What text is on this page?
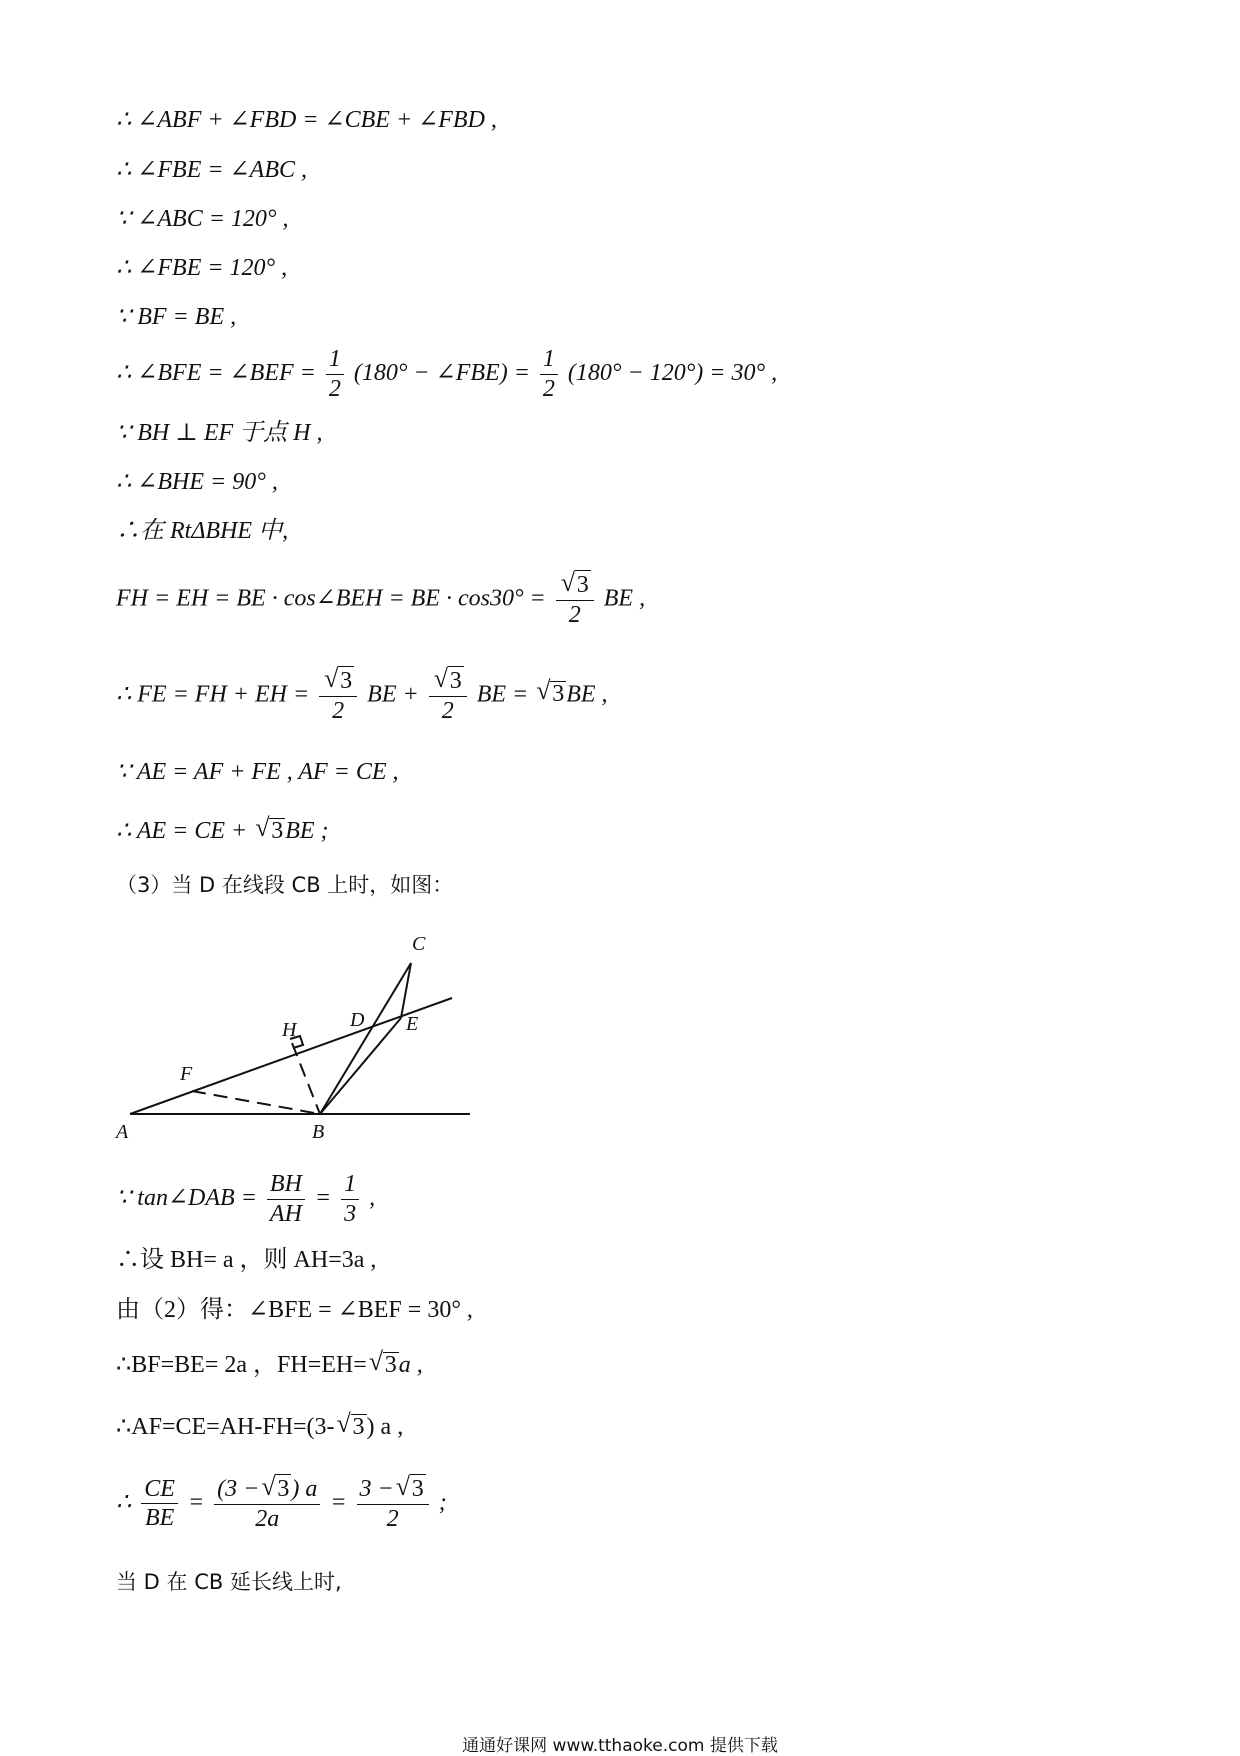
∴ ∠ABF + ∠FBD = ∠CBE + ∠FBD ,
∴ ∠FBE = ∠ABC ,
∵ ∠ABC = 120° ,
∴ ∠FBE = 120° ,
∵ BF = BE ,
∴ ∠BFE = ∠BEF = $\frac{1}{2} (180^\circ$ − ∠FBE) = $\frac{1}{2} (180^\circ - 120^\circ) = 30^\circ$ ,
∵ BH ⊥ EF 于点 H ,
∴ ∠BHE = 90° ,
∴在 RtΔBHE 中,
FH = EH = BE · cos∠BEH = BE · cos30° = √ $\frac{3}{2}$ BE ,
∴ FE = FH + EH = √ $\frac{3}{2}$ BE + √ $\frac{3}{2}$ BE = √ 3BE ,
∵ AE = AF + FE , AF = CE ,
∴ AE = CE + √ 3BE ;
（3）当 D 在线段 CB 上时，如图：
A	B
C
D E
F
H
∵ tan∠DAB = $\frac{BH}{AH} = \frac{1}{3}$ ,
∴设 BH= a ，则 AH=3a ,
由（2）得：∠BFE = ∠BEF = 30° ,
∴BF=BE= 2a ，FH=EH= √ 3a ,
∴AF=CE=AH-FH=(3- √ 3) a ,
∴ $\frac{CE}{BE} = \frac{(3 - √ 3) a}{2a} = \frac{3 - √ 3}{2}$ ;
当 D 在 CB 延长线上时,
通通好课网 www.tthaoke.com 提供下载
